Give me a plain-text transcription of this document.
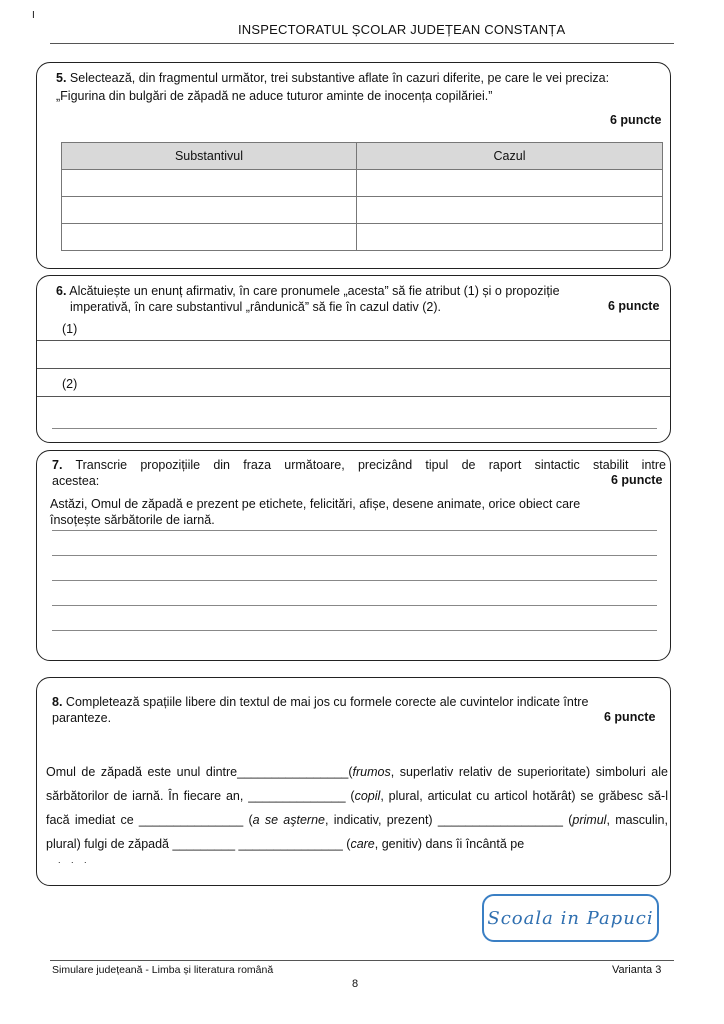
I
INSPECTORATUL ȘCOLAR JUDEȚEAN CONSTANȚA
5. Selectează, din fragmentul următor, trei substantive aflate în cazuri diferite, pe care le vei preciza:
„Figurina din bulgări de zăpadă ne aduce tuturor aminte de inocența copilăriei.”
6 puncte
Substantivul	Cazul

6. Alcătuiește un enunț afirmativ, în care pronumele „acesta” să fie atribut (1) și o propoziție
imperativă, în care substantivul „rândunică” să fie în cazul dativ (2).	6 puncte
(1)
(2)
7. Transcrie propozițiile din fraza următoare, precizând tipul de raport sintactic stabilit intre
acestea:	6 puncte
Astăzi, Omul de zăpadă e prezent pe etichete, felicitări, afișe, desene animate, orice obiect care
însoțește sărbătorile de iarnă.
8. Completează spațiile libere din textul de mai jos cu formele corecte ale cuvintelor indicate între
paranteze.	6 puncte
Omul de zăpadă este unul dintre________________(frumos, superlativ relativ de superioritate) simboluri ale sărbătorilor de iarnă. În fiecare an, ______________ (copil, plural, articulat cu articol hotărât) se grăbesc să-l facă imediat ce _______________ (a se aşterne, indicativ, prezent) __________________ (primul, masculin, plural) fulgi de zăpadă _________ _______________ (care, genitiv) dans îi încântă pe
. . .
Scoala in Papuci
Simulare județeană - Limba și literatura română	Varianta 3
8
